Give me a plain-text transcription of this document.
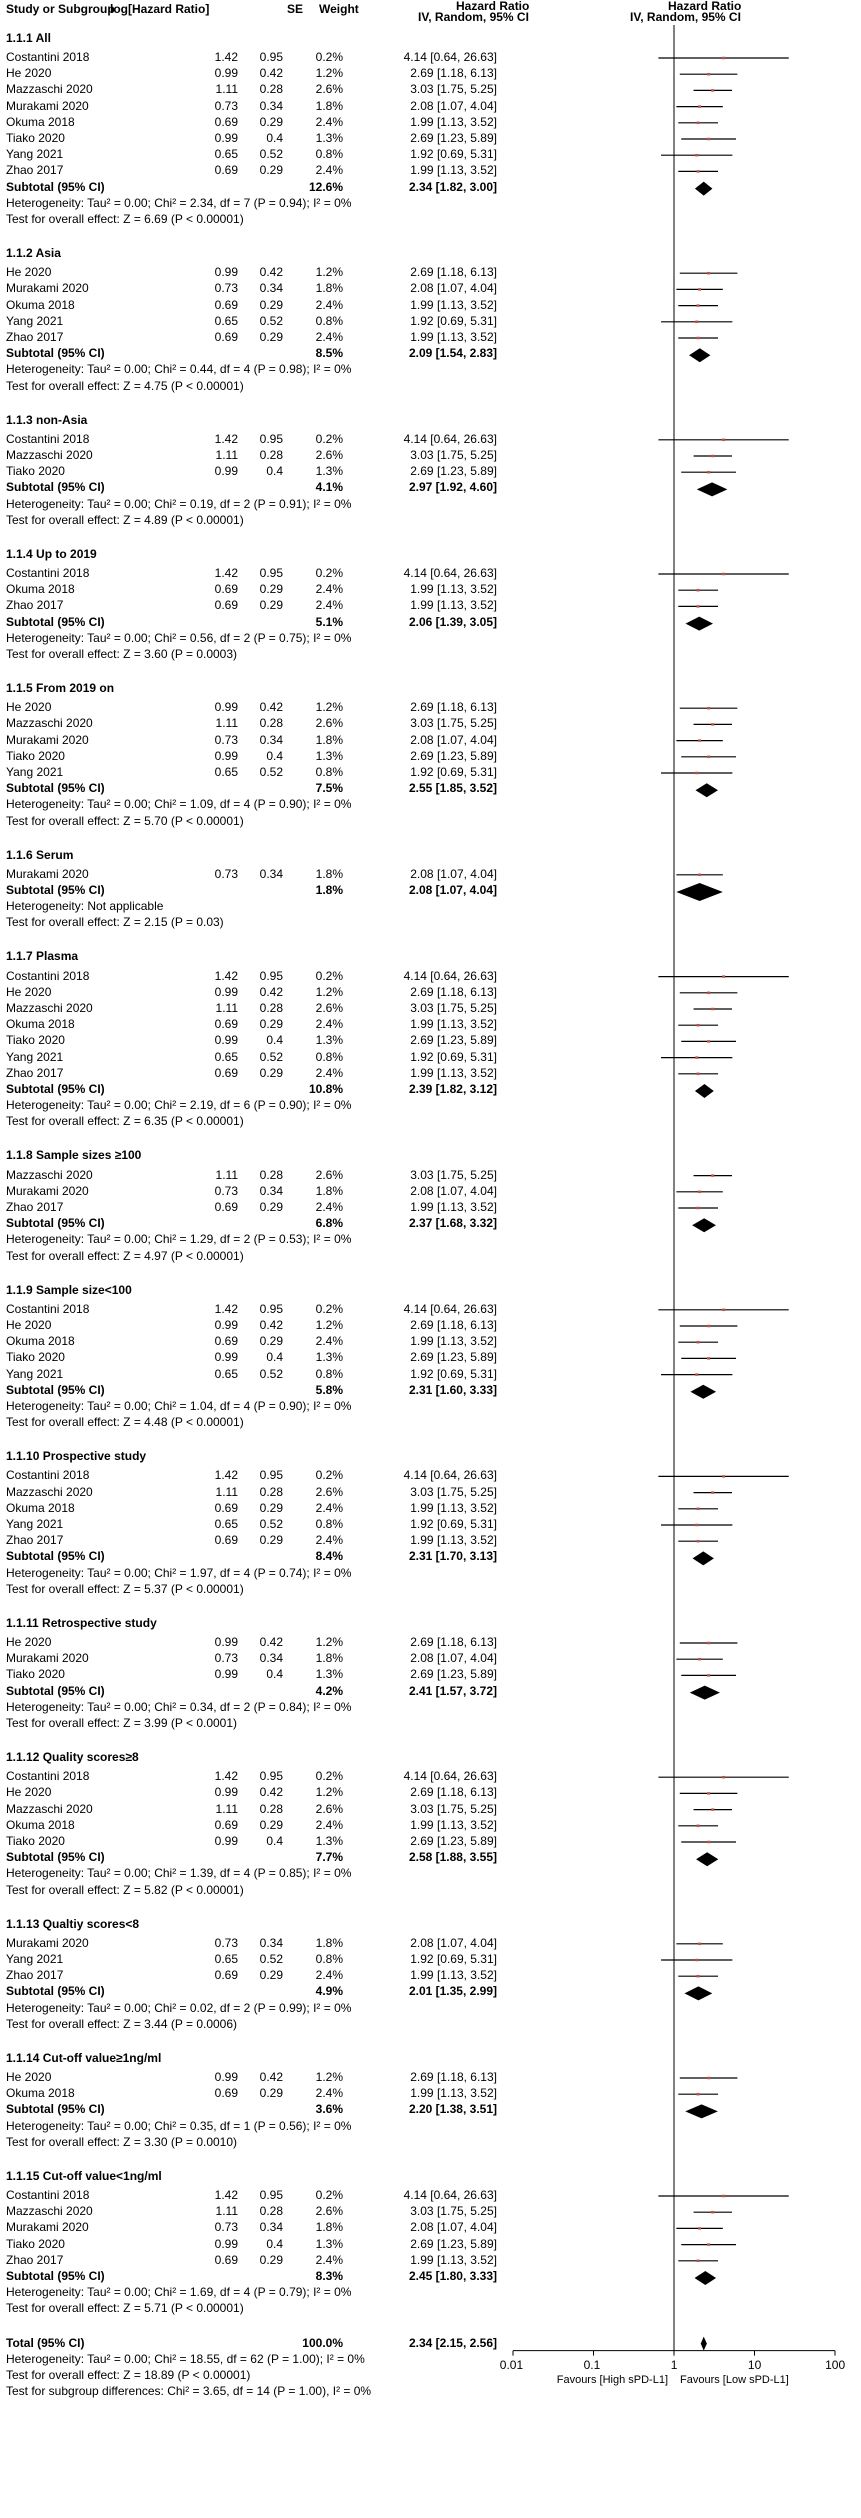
Study or Subgroup
log[Hazard Ratio]	SE Weight	Hazard Ratio
IV, Random, 95% CI
Hazard Ratio
IV, Random, 95% CI
1.1.1 All
Costantini 2018	1.42 0.95	0.2%	4.14 [0.64, 26.63]
He 2020	0.99 0.42	1.2%	2.69 [1.18, 6.13]
Mazzaschi 2020	1.11 0.28	2.6%	3.03 [1.75, 5.25]
Murakami 2020	0.73 0.34	1.8%	2.08 [1.07, 4.04]
Okuma 2018	0.69 0.29	2.4%	1.99 [1.13, 3.52]
Tiako 2020	0.99 0.4	1.3%	2.69 [1.23, 5.89]
Yang 2021	0.65 0.52	0.8%	1.92 [0.69, 5.31]
Zhao 2017	0.69 0.29	2.4%	1.99 [1.13, 3.52]
Subtotal (95% CI)	12.6%	2.34 [1.82, 3.00]
Heterogeneity: Tau² = 0.00; Chi² = 2.34, df = 7 (P = 0.94); I² = 0%
Test for overall effect: Z = 6.69 (P < 0.00001)
1.1.2 Asia
He 2020	0.99 0.42	1.2%	2.69 [1.18, 6.13]
Murakami 2020	0.73 0.34	1.8%	2.08 [1.07, 4.04]
Okuma 2018	0.69 0.29	2.4%	1.99 [1.13, 3.52]
Yang 2021	0.65 0.52	0.8%	1.92 [0.69, 5.31]
Zhao 2017	0.69 0.29	2.4%	1.99 [1.13, 3.52]
Subtotal (95% CI)	8.5%	2.09 [1.54, 2.83]
Heterogeneity: Tau² = 0.00; Chi² = 0.44, df = 4 (P = 0.98); I² = 0%
Test for overall effect: Z = 4.75 (P < 0.00001)
1.1.3 non-Asia
Costantini 2018	1.42 0.95	0.2%	4.14 [0.64, 26.63]
Mazzaschi 2020	1.11 0.28	2.6%	3.03 [1.75, 5.25]
Tiako 2020	0.99 0.4	1.3%	2.69 [1.23, 5.89]
Subtotal (95% CI)	4.1%	2.97 [1.92, 4.60]
Heterogeneity: Tau² = 0.00; Chi² = 0.19, df = 2 (P = 0.91); I² = 0%
Test for overall effect: Z = 4.89 (P < 0.00001)
1.1.4 Up to 2019
Costantini 2018	1.42 0.95	0.2%	4.14 [0.64, 26.63]
Okuma 2018	0.69 0.29	2.4%	1.99 [1.13, 3.52]
Zhao 2017	0.69 0.29	2.4%	1.99 [1.13, 3.52]
Subtotal (95% CI)	5.1%	2.06 [1.39, 3.05]
Heterogeneity: Tau² = 0.00; Chi² = 0.56, df = 2 (P = 0.75); I² = 0%
Test for overall effect: Z = 3.60 (P = 0.0003)
1.1.5 From 2019 on
He 2020	0.99 0.42	1.2%	2.69 [1.18, 6.13]
Mazzaschi 2020	1.11 0.28	2.6%	3.03 [1.75, 5.25]
Murakami 2020	0.73 0.34	1.8%	2.08 [1.07, 4.04]
Tiako 2020	0.99 0.4	1.3%	2.69 [1.23, 5.89]
Yang 2021	0.65 0.52	0.8%	1.92 [0.69, 5.31]
Subtotal (95% CI)	7.5%	2.55 [1.85, 3.52]
Heterogeneity: Tau² = 0.00; Chi² = 1.09, df = 4 (P = 0.90); I² = 0%
Test for overall effect: Z = 5.70 (P < 0.00001)
1.1.6 Serum
Murakami 2020	0.73 0.34	1.8%	2.08 [1.07, 4.04]
Subtotal (95% CI)	1.8%	2.08 [1.07, 4.04]
Heterogeneity: Not applicable
Test for overall effect: Z = 2.15 (P = 0.03)
1.1.7 Plasma
Costantini 2018	1.42 0.95	0.2%	4.14 [0.64, 26.63]
He 2020	0.99 0.42	1.2%	2.69 [1.18, 6.13]
Mazzaschi 2020	1.11 0.28	2.6%	3.03 [1.75, 5.25]
Okuma 2018	0.69 0.29	2.4%	1.99 [1.13, 3.52]
Tiako 2020	0.99 0.4	1.3%	2.69 [1.23, 5.89]
Yang 2021	0.65 0.52	0.8%	1.92 [0.69, 5.31]
Zhao 2017	0.69 0.29	2.4%	1.99 [1.13, 3.52]
Subtotal (95% CI)	10.8%	2.39 [1.82, 3.12]
Heterogeneity: Tau² = 0.00; Chi² = 2.19, df = 6 (P = 0.90); I² = 0%
Test for overall effect: Z = 6.35 (P < 0.00001)
1.1.8 Sample sizes ≥100
Mazzaschi 2020	1.11 0.28	2.6%	3.03 [1.75, 5.25]
Murakami 2020	0.73 0.34	1.8%	2.08 [1.07, 4.04]
Zhao 2017	0.69 0.29	2.4%	1.99 [1.13, 3.52]
Subtotal (95% CI)	6.8%	2.37 [1.68, 3.32]
Heterogeneity: Tau² = 0.00; Chi² = 1.29, df = 2 (P = 0.53); I² = 0%
Test for overall effect: Z = 4.97 (P < 0.00001)
1.1.9 Sample size<100
Costantini 2018	1.42 0.95	0.2%	4.14 [0.64, 26.63]
He 2020	0.99 0.42	1.2%	2.69 [1.18, 6.13]
Okuma 2018	0.69 0.29	2.4%	1.99 [1.13, 3.52]
Tiako 2020	0.99 0.4	1.3%	2.69 [1.23, 5.89]
Yang 2021	0.65 0.52	0.8%	1.92 [0.69, 5.31]
Subtotal (95% CI)	5.8%	2.31 [1.60, 3.33]
Heterogeneity: Tau² = 0.00; Chi² = 1.04, df = 4 (P = 0.90); I² = 0%
Test for overall effect: Z = 4.48 (P < 0.00001)
1.1.10 Prospective study
Costantini 2018	1.42 0.95	0.2%	4.14 [0.64, 26.63]
Mazzaschi 2020	1.11 0.28	2.6%	3.03 [1.75, 5.25]
Okuma 2018	0.69 0.29	2.4%	1.99 [1.13, 3.52]
Yang 2021	0.65 0.52	0.8%	1.92 [0.69, 5.31]
Zhao 2017	0.69 0.29	2.4%	1.99 [1.13, 3.52]
Subtotal (95% CI)	8.4%	2.31 [1.70, 3.13]
Heterogeneity: Tau² = 0.00; Chi² = 1.97, df = 4 (P = 0.74); I² = 0%
Test for overall effect: Z = 5.37 (P < 0.00001)
1.1.11 Retrospective study
He 2020	0.99 0.42	1.2%	2.69 [1.18, 6.13]
Murakami 2020	0.73 0.34	1.8%	2.08 [1.07, 4.04]
Tiako 2020	0.99 0.4	1.3%	2.69 [1.23, 5.89]
Subtotal (95% CI)	4.2%	2.41 [1.57, 3.72]
Heterogeneity: Tau² = 0.00; Chi² = 0.34, df = 2 (P = 0.84); I² = 0%
Test for overall effect: Z = 3.99 (P < 0.0001)
1.1.12 Quality scores≥8
Costantini 2018	1.42 0.95	0.2%	4.14 [0.64, 26.63]
He 2020	0.99 0.42	1.2%	2.69 [1.18, 6.13]
Mazzaschi 2020	1.11 0.28	2.6%	3.03 [1.75, 5.25]
Okuma 2018	0.69 0.29	2.4%	1.99 [1.13, 3.52]
Tiako 2020	0.99 0.4	1.3%	2.69 [1.23, 5.89]
Subtotal (95% CI)	7.7%	2.58 [1.88, 3.55]
Heterogeneity: Tau² = 0.00; Chi² = 1.39, df = 4 (P = 0.85); I² = 0%
Test for overall effect: Z = 5.82 (P < 0.00001)
1.1.13 Qualtiy scores<8
Murakami 2020	0.73 0.34	1.8%	2.08 [1.07, 4.04]
Yang 2021	0.65 0.52	0.8%	1.92 [0.69, 5.31]
Zhao 2017	0.69 0.29	2.4%	1.99 [1.13, 3.52]
Subtotal (95% CI)	4.9%	2.01 [1.35, 2.99]
Heterogeneity: Tau² = 0.00; Chi² = 0.02, df = 2 (P = 0.99); I² = 0%
Test for overall effect: Z = 3.44 (P = 0.0006)
1.1.14 Cut-off value≥1ng/ml
He 2020	0.99 0.42	1.2%	2.69 [1.18, 6.13]
Okuma 2018	0.69 0.29	2.4%	1.99 [1.13, 3.52]
Subtotal (95% CI)	3.6%	2.20 [1.38, 3.51]
Heterogeneity: Tau² = 0.00; Chi² = 0.35, df = 1 (P = 0.56); I² = 0%
Test for overall effect: Z = 3.30 (P = 0.0010)
1.1.15 Cut-off value<1ng/ml
Costantini 2018	1.42 0.95	0.2%	4.14 [0.64, 26.63]
Mazzaschi 2020	1.11 0.28	2.6%	3.03 [1.75, 5.25]
Murakami 2020	0.73 0.34	1.8%	2.08 [1.07, 4.04]
Tiako 2020	0.99 0.4	1.3%	2.69 [1.23, 5.89]
Zhao 2017	0.69 0.29	2.4%	1.99 [1.13, 3.52]
Subtotal (95% CI)	8.3%	2.45 [1.80, 3.33]
Heterogeneity: Tau² = 0.00; Chi² = 1.69, df = 4 (P = 0.79); I² = 0%
Test for overall effect: Z = 5.71 (P < 0.00001)
Total (95% CI)	100.0%	2.34 [2.15, 2.56]
Heterogeneity: Tau² = 0.00; Chi² = 18.55, df = 62 (P = 1.00); I² = 0%
Test for overall effect: Z = 18.89 (P < 0.00001)
Test for subgroup differences: Chi² = 3.65, df = 14 (P = 1.00), I² = 0%
0.01	0.1	1	10	100
Favours [High sPD-L1] Favours [Low sPD-L1]
